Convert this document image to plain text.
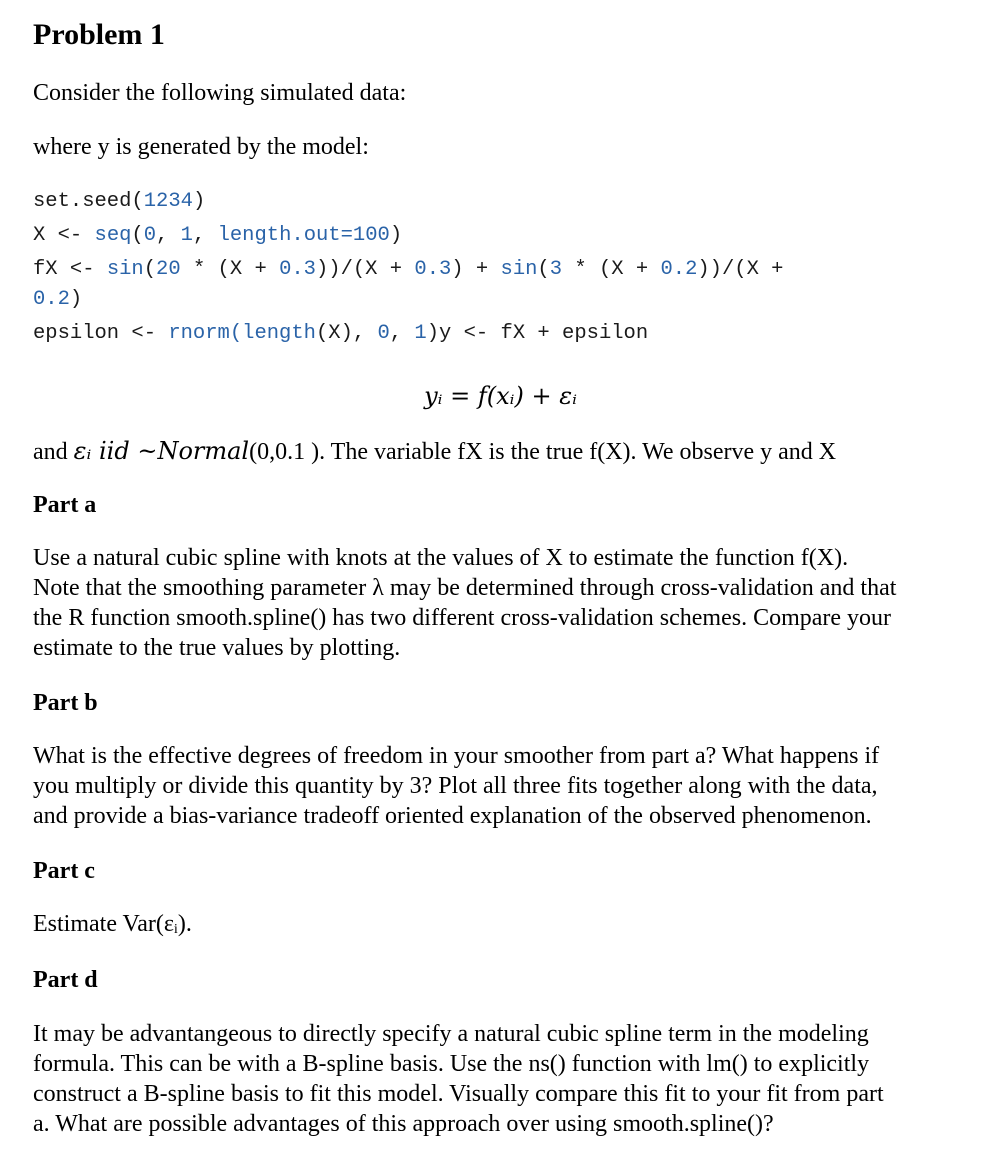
Problem 1
Consider the following simulated data:
where y is generated by the model:
set.seed(1234)
X <- seq(0, 1, length.out=100)
fX <- sin(20 * (X + 0.3))/(X + 0.3) + sin(3 * (X + 0.2))/(X +
0.2)
epsilon <- rnorm(length(X), 0, 1)y <- fX + epsilon
yᵢ = f(xᵢ) + εᵢ
and εᵢ iid ~Normal(0,0.1 ). The variable fX is the true f(X). We observe y and X
Part a
Use a natural cubic spline with knots at the values of X to estimate the function f(X).
Note that the smoothing parameter λ may be determined through cross-validation and that
the R function smooth.spline() has two different cross-validation schemes. Compare your
estimate to the true values by plotting.
Part b
What is the effective degrees of freedom in your smoother from part a? What happens if
you multiply or divide this quantity by 3? Plot all three fits together along with the data,
and provide a bias-variance tradeoff oriented explanation of the observed phenomenon.
Part c
Estimate Var(εᵢ).
Part d
It may be advantangeous to directly specify a natural cubic spline term in the modeling
formula. This can be with a B-spline basis. Use the ns() function with lm() to explicitly
construct a B-spline basis to fit this model. Visually compare this fit to your fit from part
a. What are possible advantages of this approach over using smooth.spline()?
